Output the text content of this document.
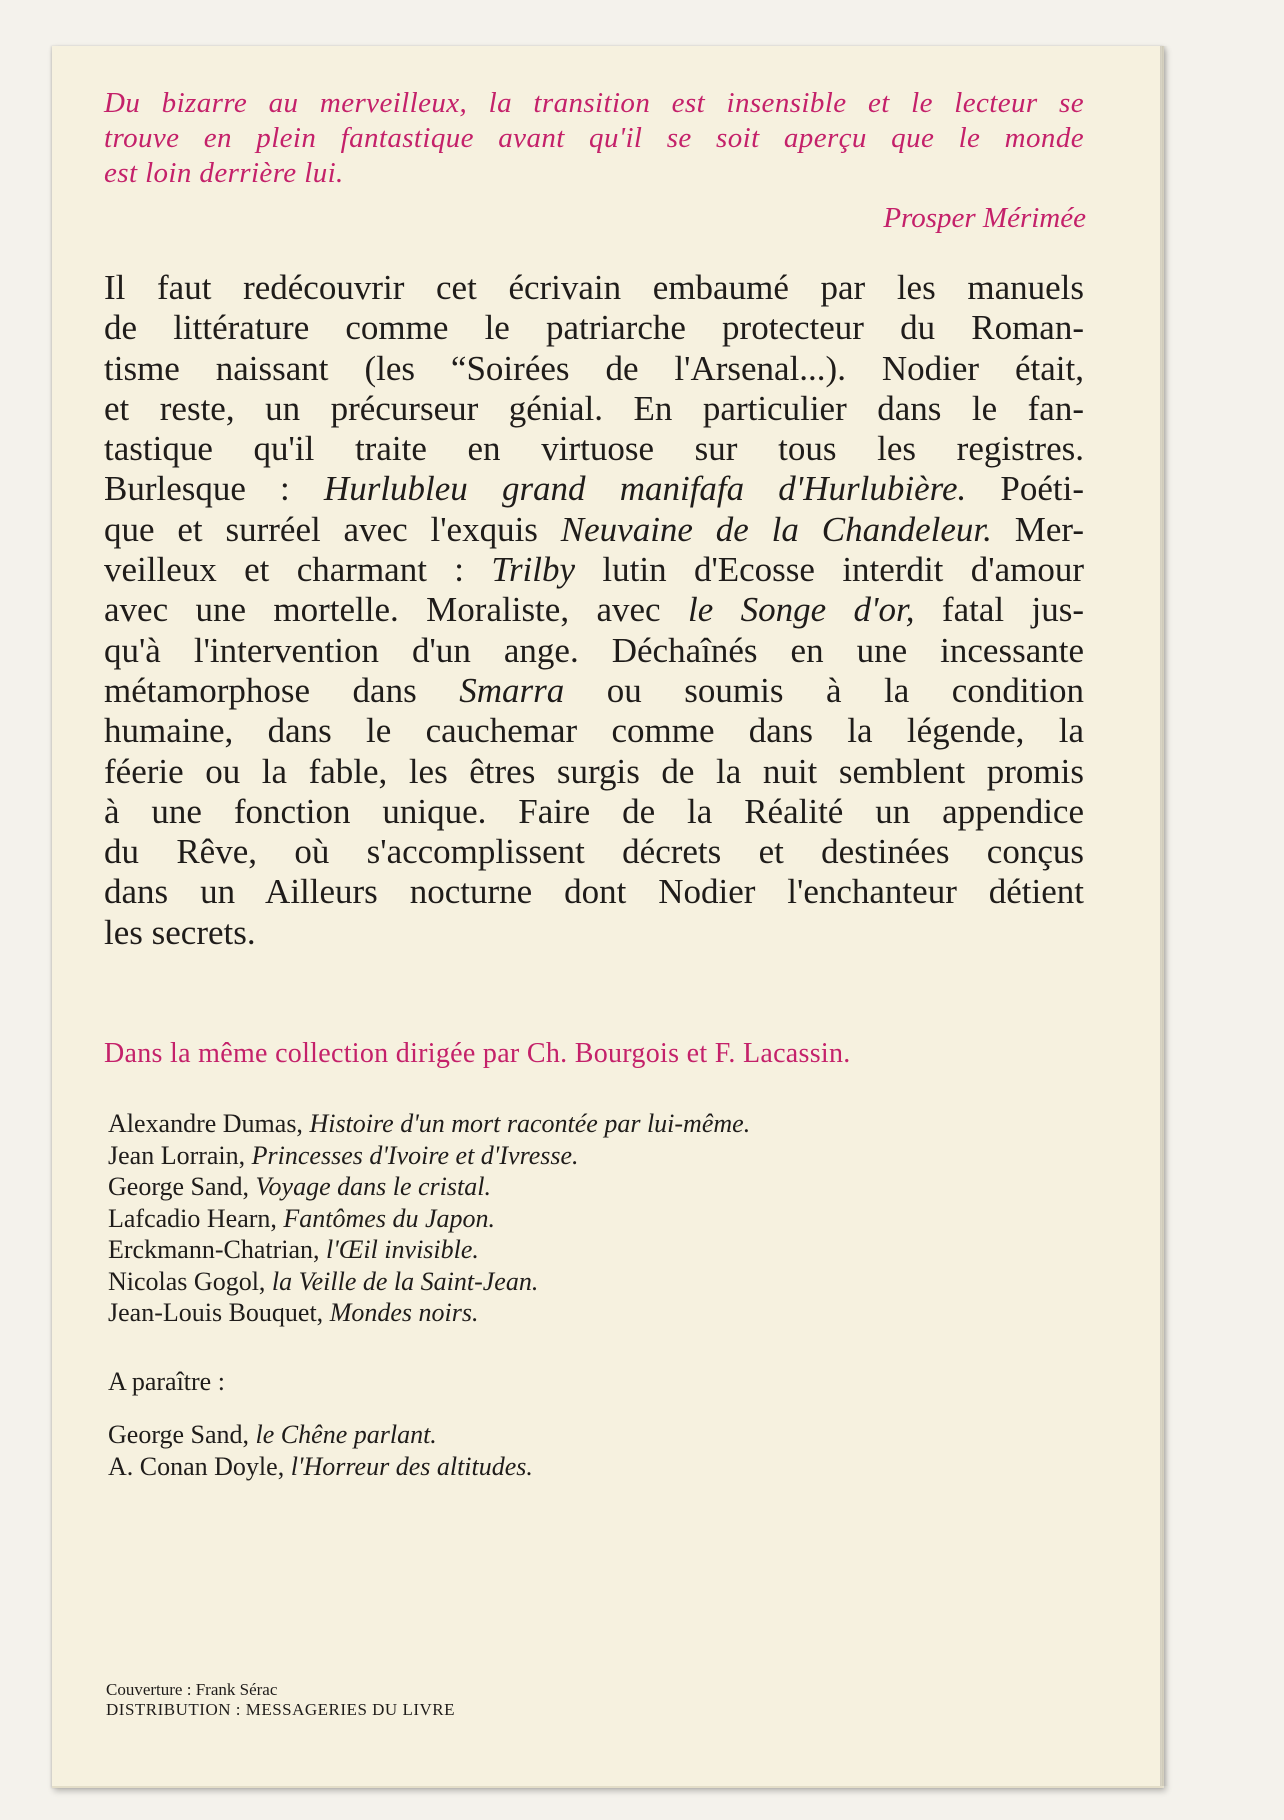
Du bizarre au merveilleux, la transition est insensible et le lecteur se
trouve en plein fantastique avant qu'il se soit aperçu que le monde
est loin derrière lui.
Prosper Mérimée
Il faut redécouvrir cet écrivain embaumé par les manuels
de littérature comme le patriarche protecteur du Roman-
tisme naissant (les “Soirées de l'Arsenal...). Nodier était,
et reste, un précurseur génial. En particulier dans le fan-
tastique qu'il traite en virtuose sur tous les registres.
Burlesque : Hurlubleu grand manifafa d'Hurlubière. Poéti-
que et surréel avec l'exquis Neuvaine de la Chandeleur. Mer-
veilleux et charmant : Trilby lutin d'Ecosse interdit d'amour
avec une mortelle. Moraliste, avec le Songe d'or, fatal jus-
qu'à l'intervention d'un ange. Déchaînés en une incessante
métamorphose dans Smarra ou soumis à la condition
humaine, dans le cauchemar comme dans la légende, la
féerie ou la fable, les êtres surgis de la nuit semblent promis
à une fonction unique. Faire de la Réalité un appendice
du Rêve, où s'accomplissent décrets et destinées conçus
dans un Ailleurs nocturne dont Nodier l'enchanteur détient
les secrets.
Dans la même collection dirigée par Ch. Bourgois et F. Lacassin.
Alexandre Dumas, Histoire d'un mort racontée par lui-même.
Jean Lorrain, Princesses d'Ivoire et d'Ivresse.
George Sand, Voyage dans le cristal.
Lafcadio Hearn, Fantômes du Japon.
Erckmann-Chatrian, l'Œil invisible.
Nicolas Gogol, la Veille de la Saint-Jean.
Jean-Louis Bouquet, Mondes noirs.
A paraître :
George Sand, le Chêne parlant.
A. Conan Doyle, l'Horreur des altitudes.
Couverture : Frank Sérac
DISTRIBUTION : MESSAGERIES DU LIVRE
